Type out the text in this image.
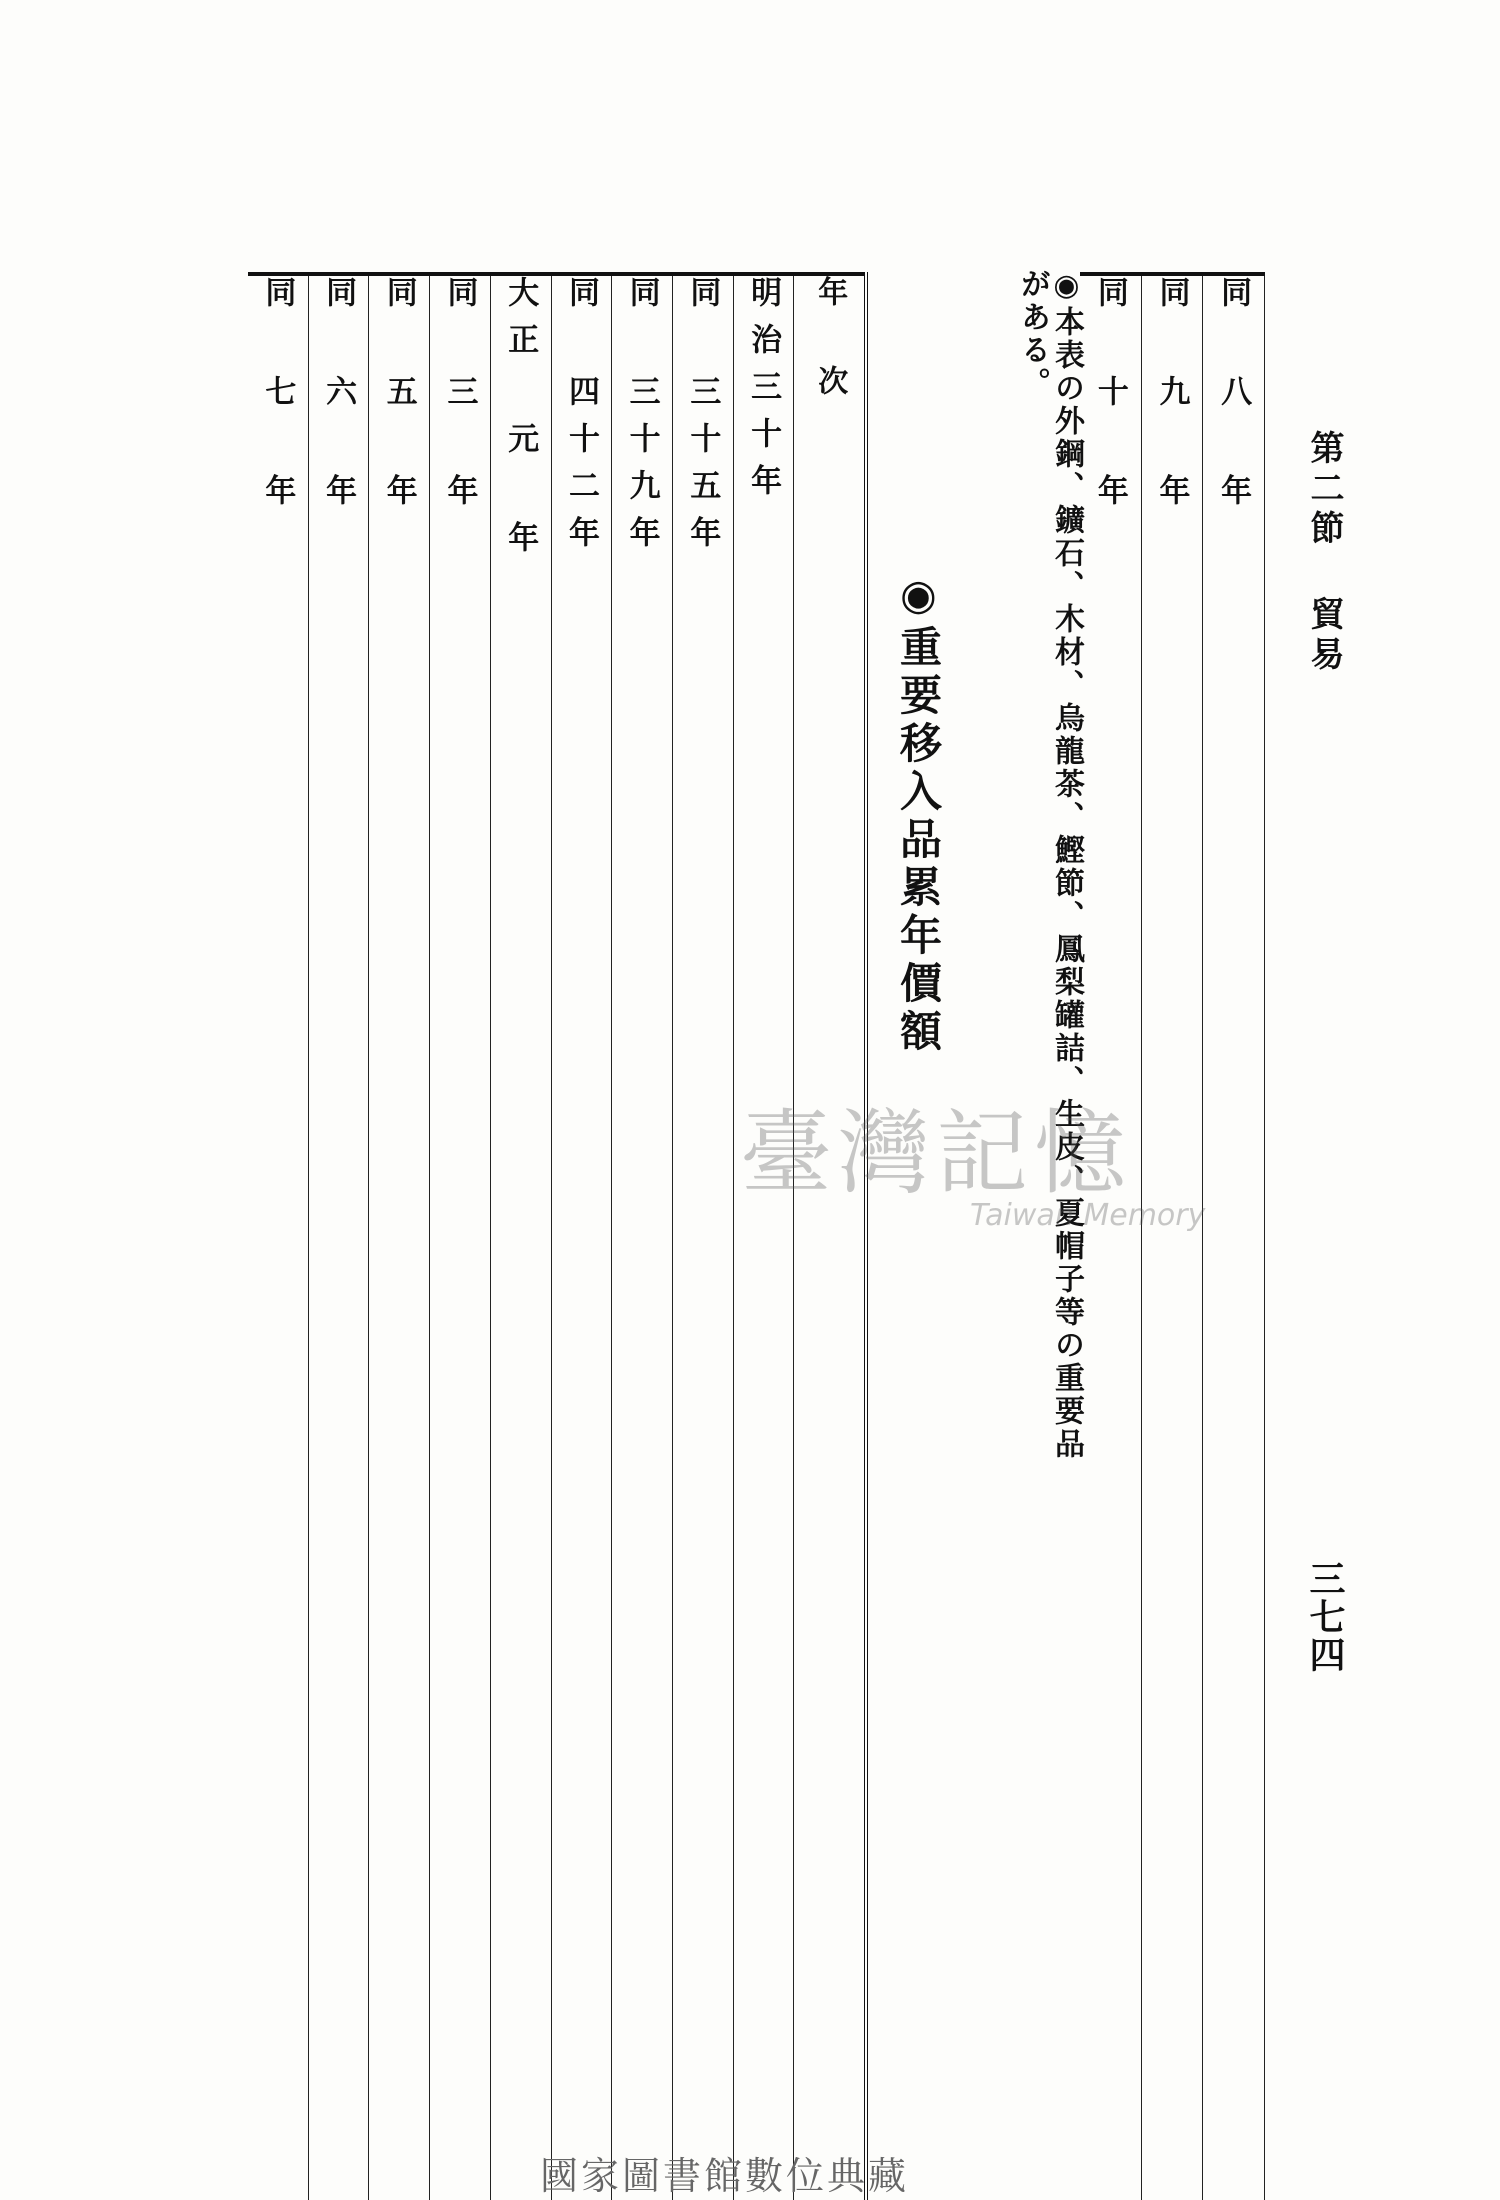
第二節 貿易
三七四
同 十 年	同 九 年	同 八 年

◉本表の外鋼、鑛石、木材、烏龍茶、鰹節、鳳梨罐詰、生皮、夏帽子等の重要品がある。
◉重要移入品累年價額
同 七 年	同 六 年	同 五 年	同 三 年	大正 元 年	同 四十二年	同 三十九年	同 三十五年	明治三十年	年 次

臺灣記憶
Taiwan Memory
國家圖書館數位典藏
